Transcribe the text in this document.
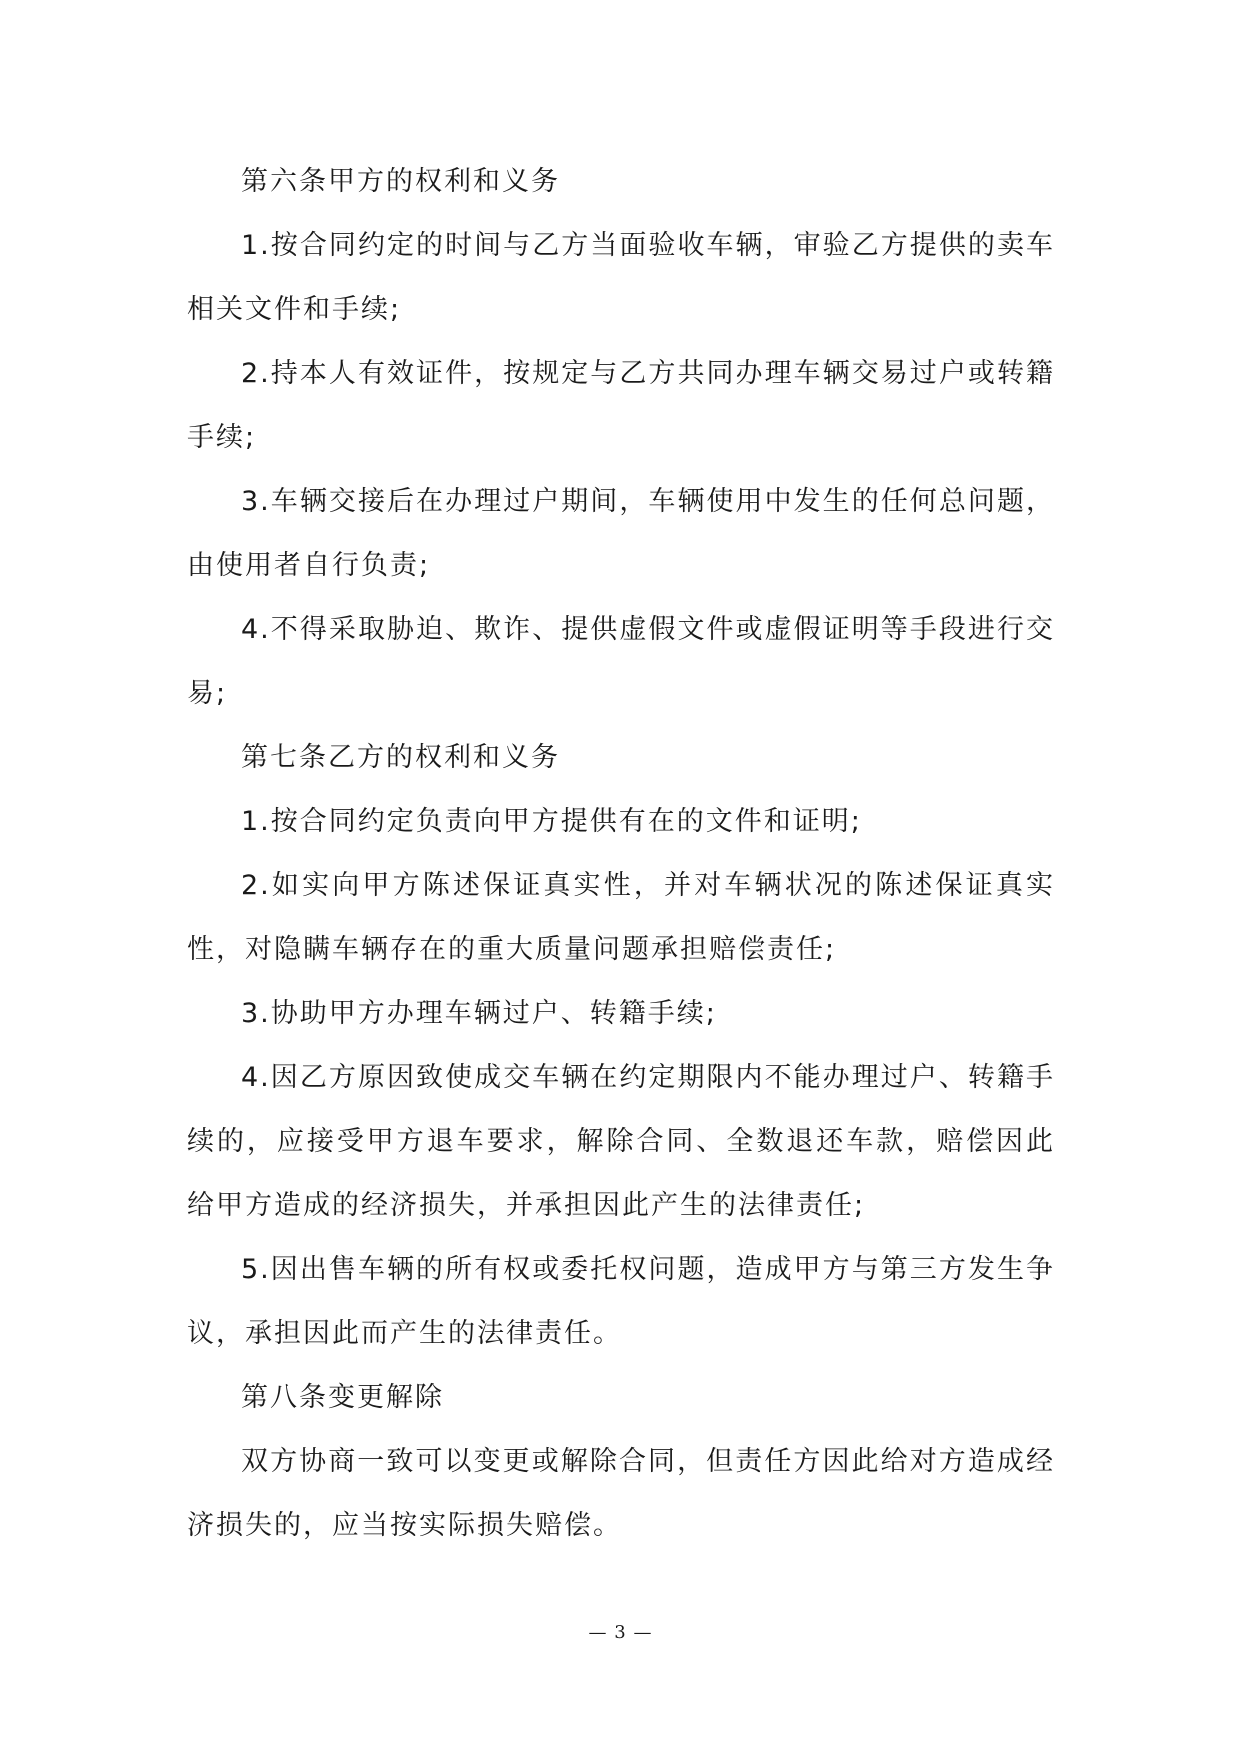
第六条甲方的权利和义务

1.按合同约定的时间与乙方当面验收车辆，审验乙方提供的卖车相关文件和手续;

2.持本人有效证件，按规定与乙方共同办理车辆交易过户或转籍手续;

3.车辆交接后在办理过户期间，车辆使用中发生的任何总问题，由使用者自行负责;

4.不得采取胁迫、欺诈、提供虚假文件或虚假证明等手段进行交易;

第七条乙方的权利和义务

1.按合同约定负责向甲方提供有在的文件和证明;

2.如实向甲方陈述保证真实性，并对车辆状况的陈述保证真实性，对隐瞒车辆存在的重大质量问题承担赔偿责任;

3.协助甲方办理车辆过户、转籍手续;

4.因乙方原因致使成交车辆在约定期限内不能办理过户、转籍手续的，应接受甲方退车要求，解除合同、全数退还车款，赔偿因此给甲方造成的经济损失，并承担因此产生的法律责任;

5.因出售车辆的所有权或委托权问题，造成甲方与第三方发生争议，承担因此而产生的法律责任。

第八条变更解除

双方协商一致可以变更或解除合同，但责任方因此给对方造成经济损失的，应当按实际损失赔偿。

— 3 —
